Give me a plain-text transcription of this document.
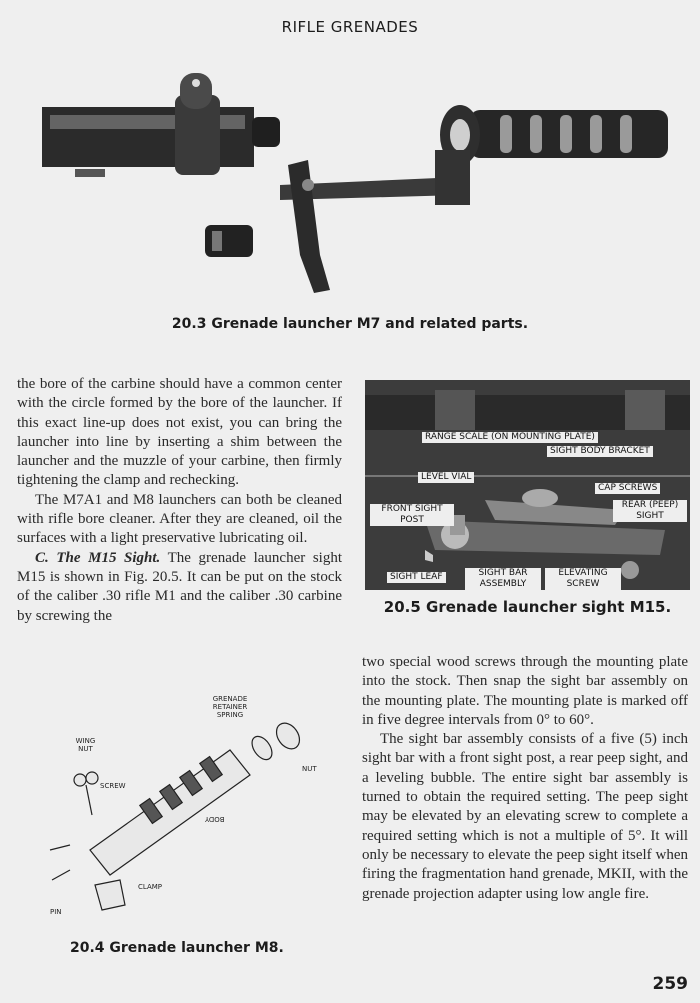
RIFLE GRENADES
20.3 Grenade launcher M7 and related parts.

the bore of the carbine should have a common center with the circle formed by the bore of the launcher. If this exact line-up does not exist, you can bring the launcher into line by inserting a shim between the launcher and the muzzle of your carbine, then firmly tightening the clamp and rechecking.

The M7A1 and M8 launchers can both be cleaned with rifle bore cleaner. After they are cleaned, oil the surfaces with a light preservative lubricating oil.

C. The M15 Sight. The grenade launcher sight M15 is shown in Fig. 20.5. It can be put on the stock of the caliber .30 rifle M1 and the caliber .30 carbine by screwing the

RANGE SCALE (ON MOUNTING PLATE)
SIGHT BODY BRACKET
LEVEL VIAL
CAP SCREWS
FRONT SIGHT POST
REAR (PEEP) SIGHT
SIGHT LEAF	SIGHT BAR ASSEMBLY
ELEVATING SCREW
20.5 Grenade launcher sight M15.

two special wood screws through the mounting plate into the stock. Then snap the sight bar assembly on the mounting plate. The mounting plate is marked off in five degree intervals from 0° to 60°.

The sight bar assembly consists of a five (5) inch sight bar with a front sight post, a rear peep sight, and a leveling bubble. The entire sight bar assembly is turned to obtain the required setting. The peep sight may be elevated by an elevating screw to complete a required setting which is not a multiple of 5°. It will only be necessary to elevate the peep sight itself when firing the fragmentation hand grenade, MKII, with the grenade projection adapter using low angle fire.

GRENADE RETAINER SPRING
WING NUT
SCREW
NUT
BODY
CLAMP
PIN
20.4 Grenade launcher M8.
259
